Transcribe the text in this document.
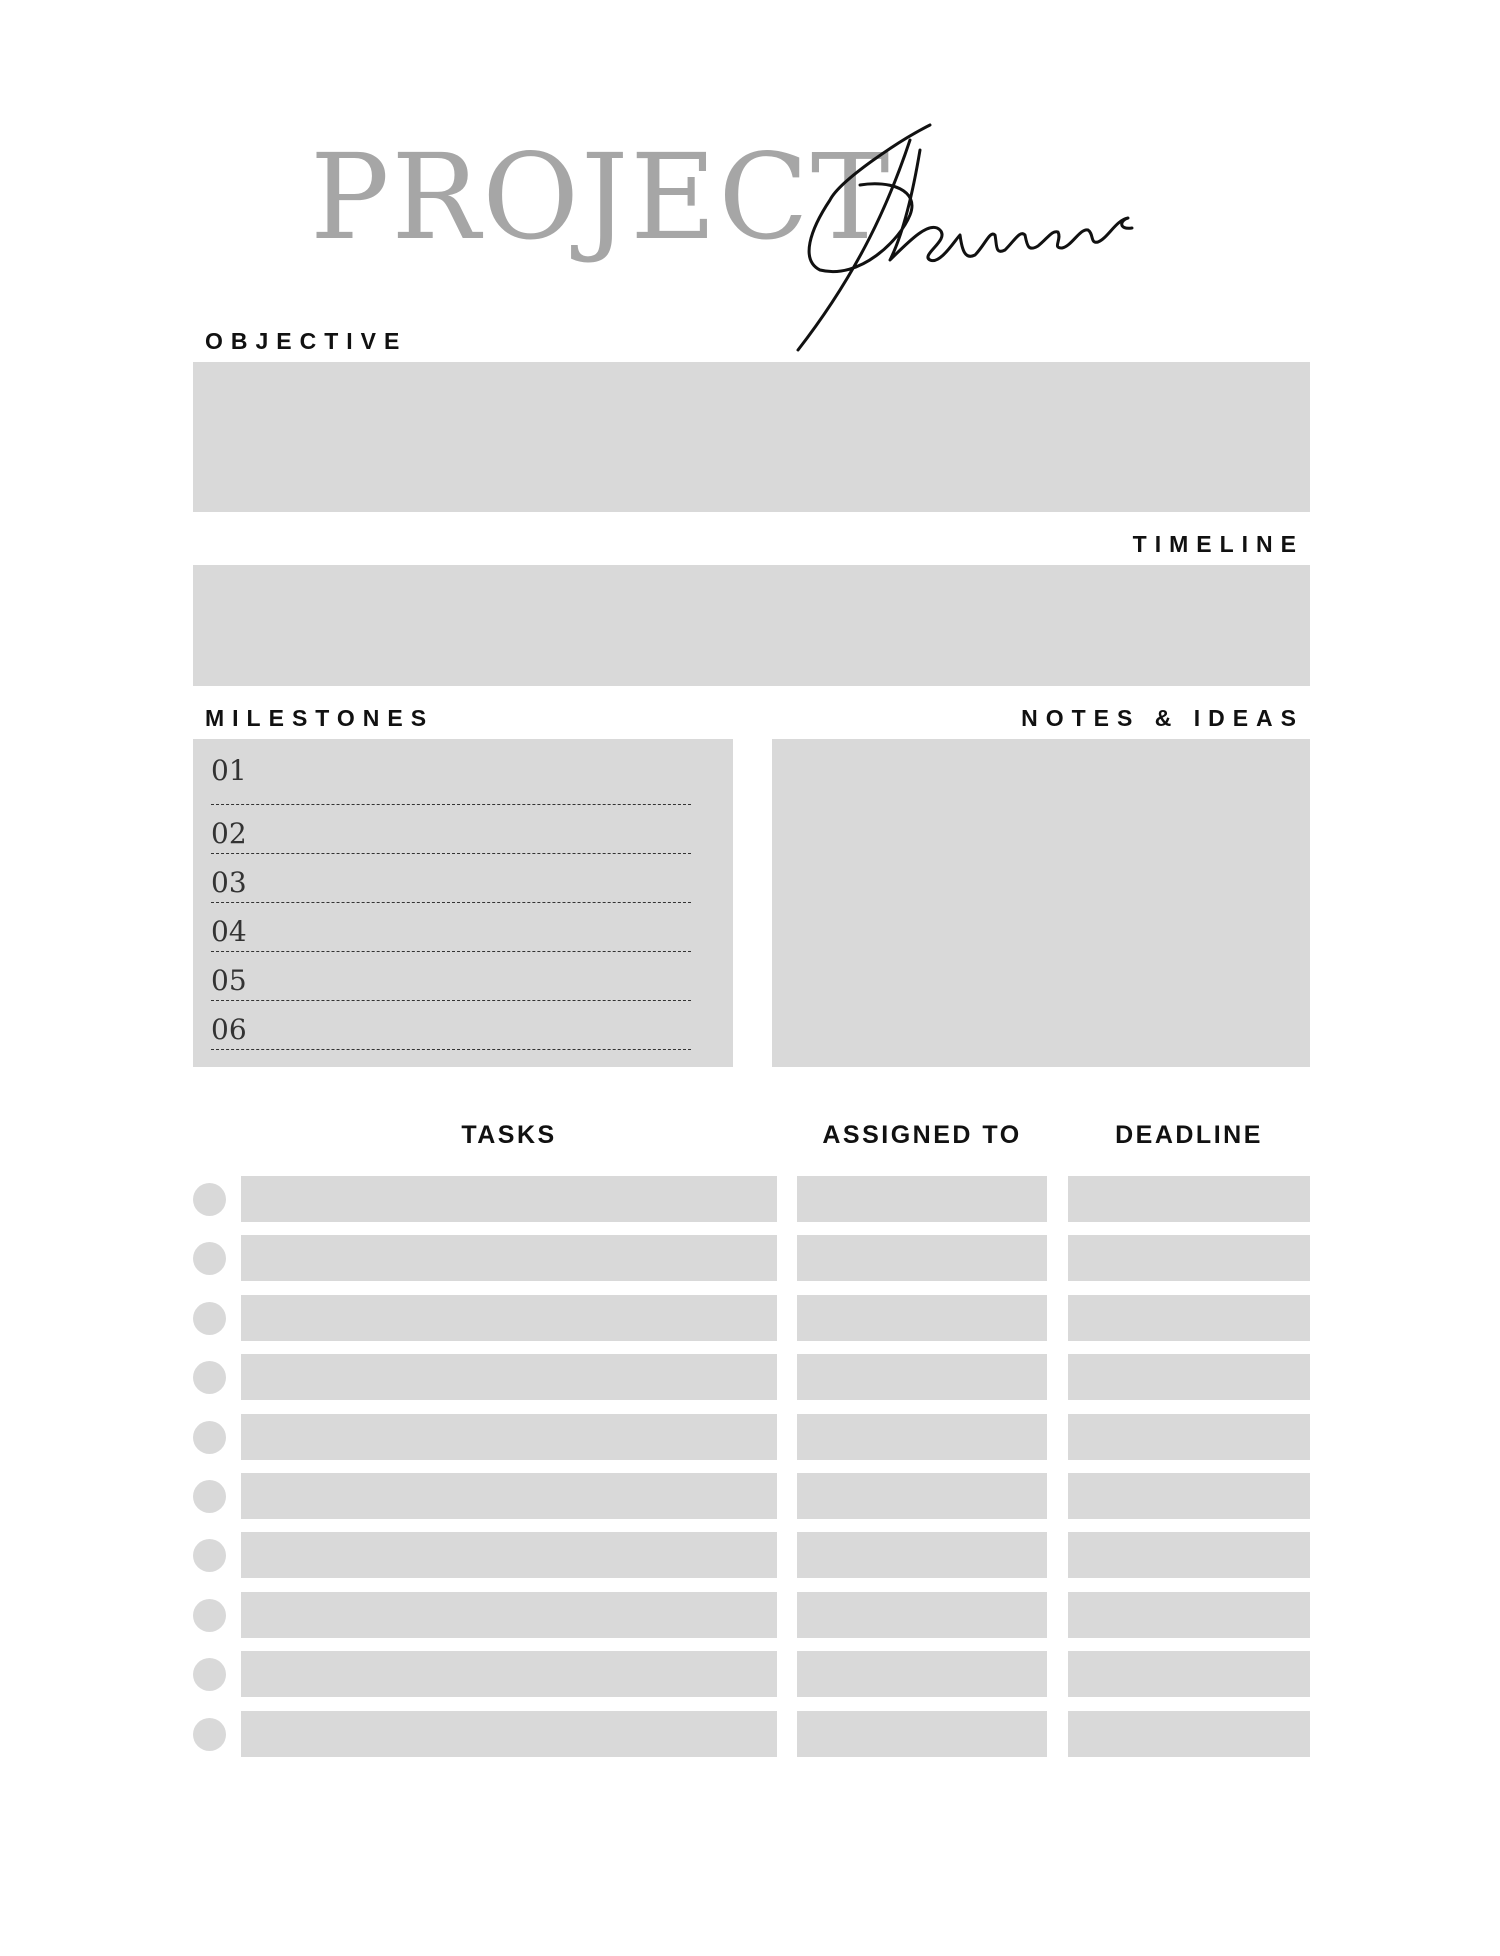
PROJECT
OBJECTIVE
TIMELINE
MILESTONES
01
02
03
04
05
06
NOTES & IDEAS
TASKS	ASSIGNED TO	DEADLINE
